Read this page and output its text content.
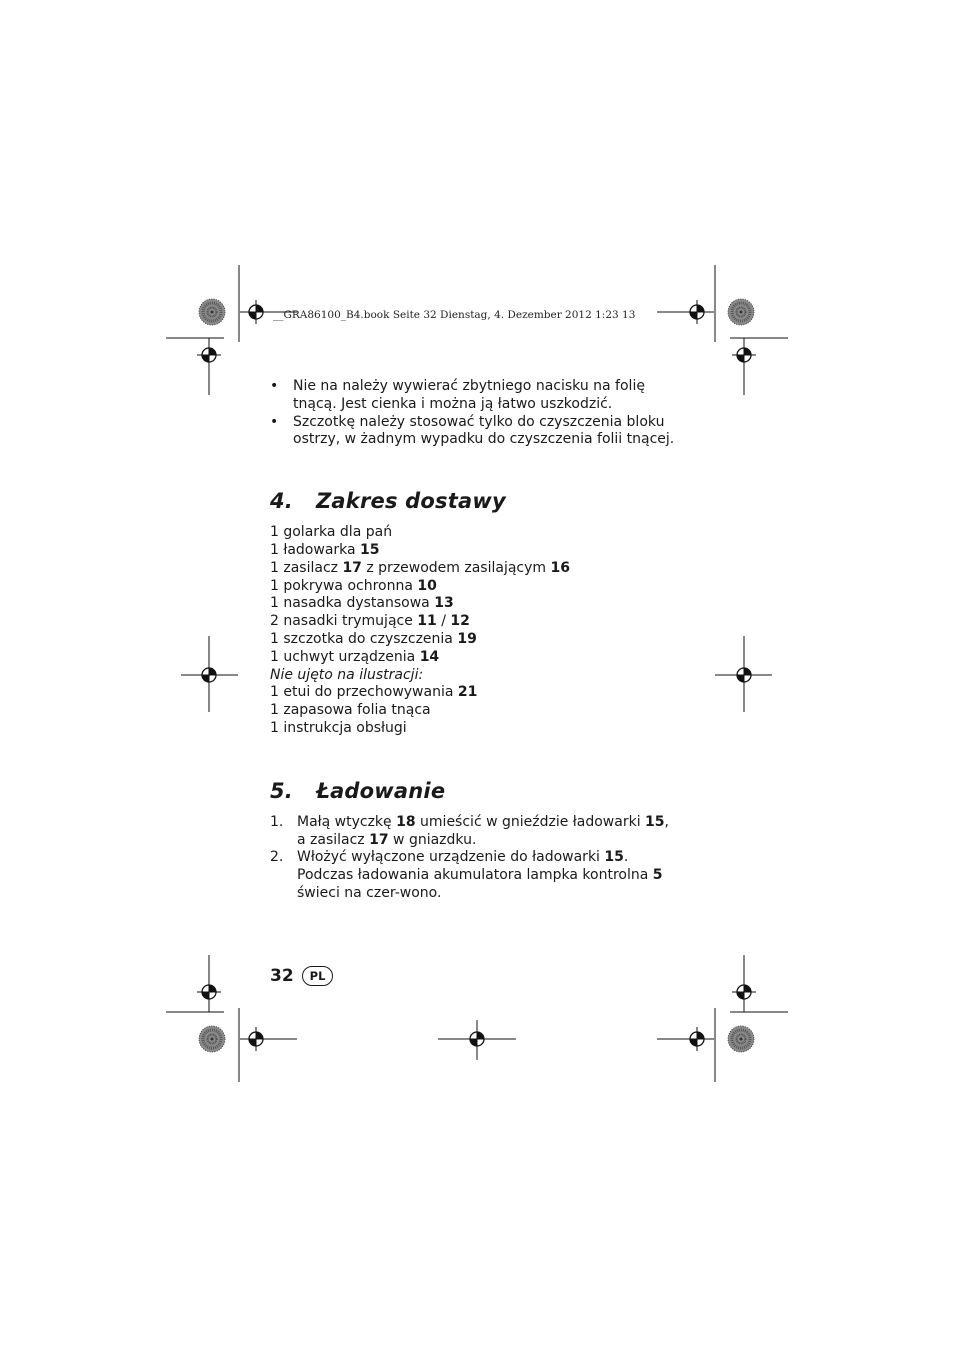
__GRA86100_B4.book Seite 32 Dienstag, 4. Dezember 2012 1:23 13
• Nie na należy wywierać zbytniego nacisku na folię tnącą. Jest cienka i można ją łatwo uszkodzić.
• Szczotkę należy stosować tylko do czyszczenia bloku ostrzy, w żadnym wypadku do czyszczenia folii tnącej.
4. Zakres dostawy
1 golarka dla pań
1 ładowarka 15
1 zasilacz 17 z przewodem zasilającym 16
1 pokrywa ochronna 10
1 nasadka dystansowa 13
2 nasadki trymujące 11 / 12
1 szczotka do czyszczenia 19
1 uchwyt urządzenia 14
Nie ujęto na ilustracji:
1 etui do przechowywania 21
1 zapasowa folia tnąca
1 instrukcja obsługi
5. Ładowanie
1. Małą wtyczkę 18 umieścić w gnieździe ładowarki 15, a zasilacz 17 w gniazdku.
2. Włożyć wyłączone urządzenie do ładowarki 15. Podczas ładowania akumulatora lampka kontrolna 5 świeci na czer-wono.
32	PL
